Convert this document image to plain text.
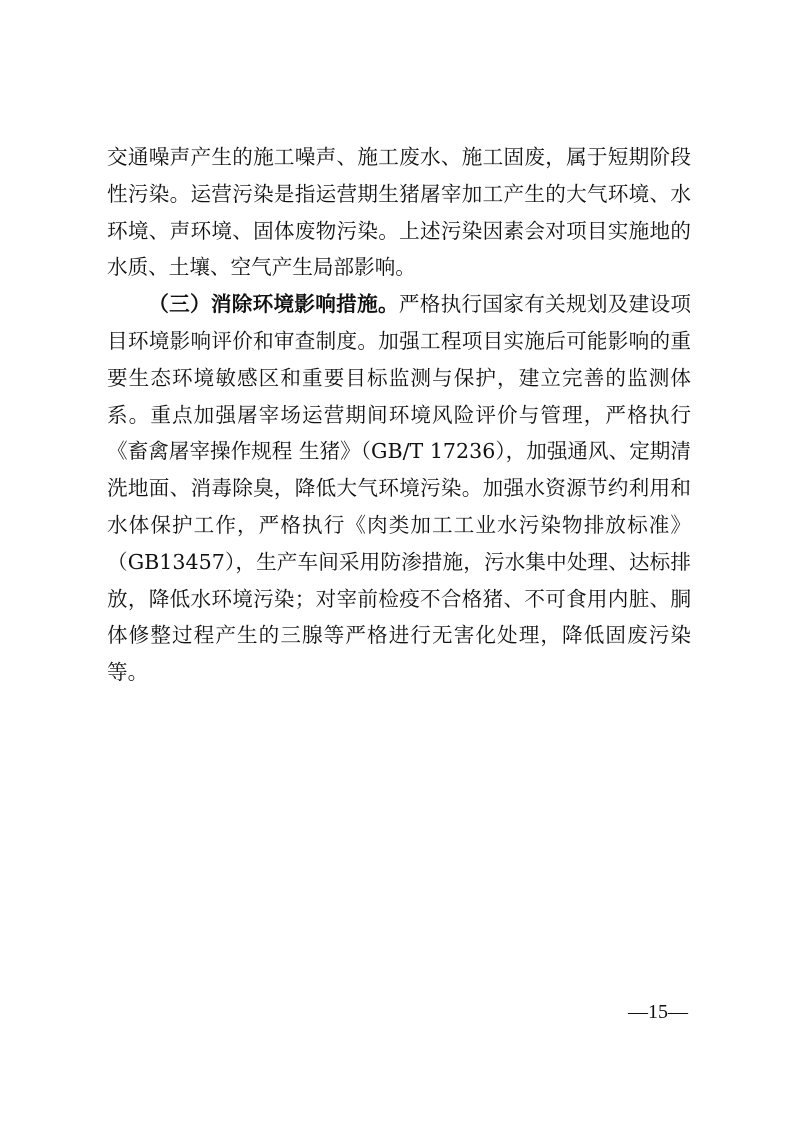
交通噪声产生的施工噪声、施工废水、施工固废，属于短期阶段性污染。运营污染是指运营期生猪屠宰加工产生的大气环境、水环境、声环境、固体废物污染。上述污染因素会对项目实施地的水质、土壤、空气产生局部影响。

（三）消除环境影响措施。严格执行国家有关规划及建设项目环境影响评价和审查制度。加强工程项目实施后可能影响的重要生态环境敏感区和重要目标监测与保护，建立完善的监测体系。重点加强屠宰场运营期间环境风险评价与管理，严格执行《畜禽屠宰操作规程 生猪》（GB/T 17236），加强通风、定期清洗地面、消毒除臭，降低大气环境污染。加强水资源节约利用和水体保护工作，严格执行《肉类加工工业水污染物排放标准》（GB13457），生产车间采用防渗措施，污水集中处理、达标排放，降低水环境污染；对宰前检疫不合格猪、不可食用内脏、胴体修整过程产生的三腺等严格进行无害化处理，降低固废污染等。

—15—
